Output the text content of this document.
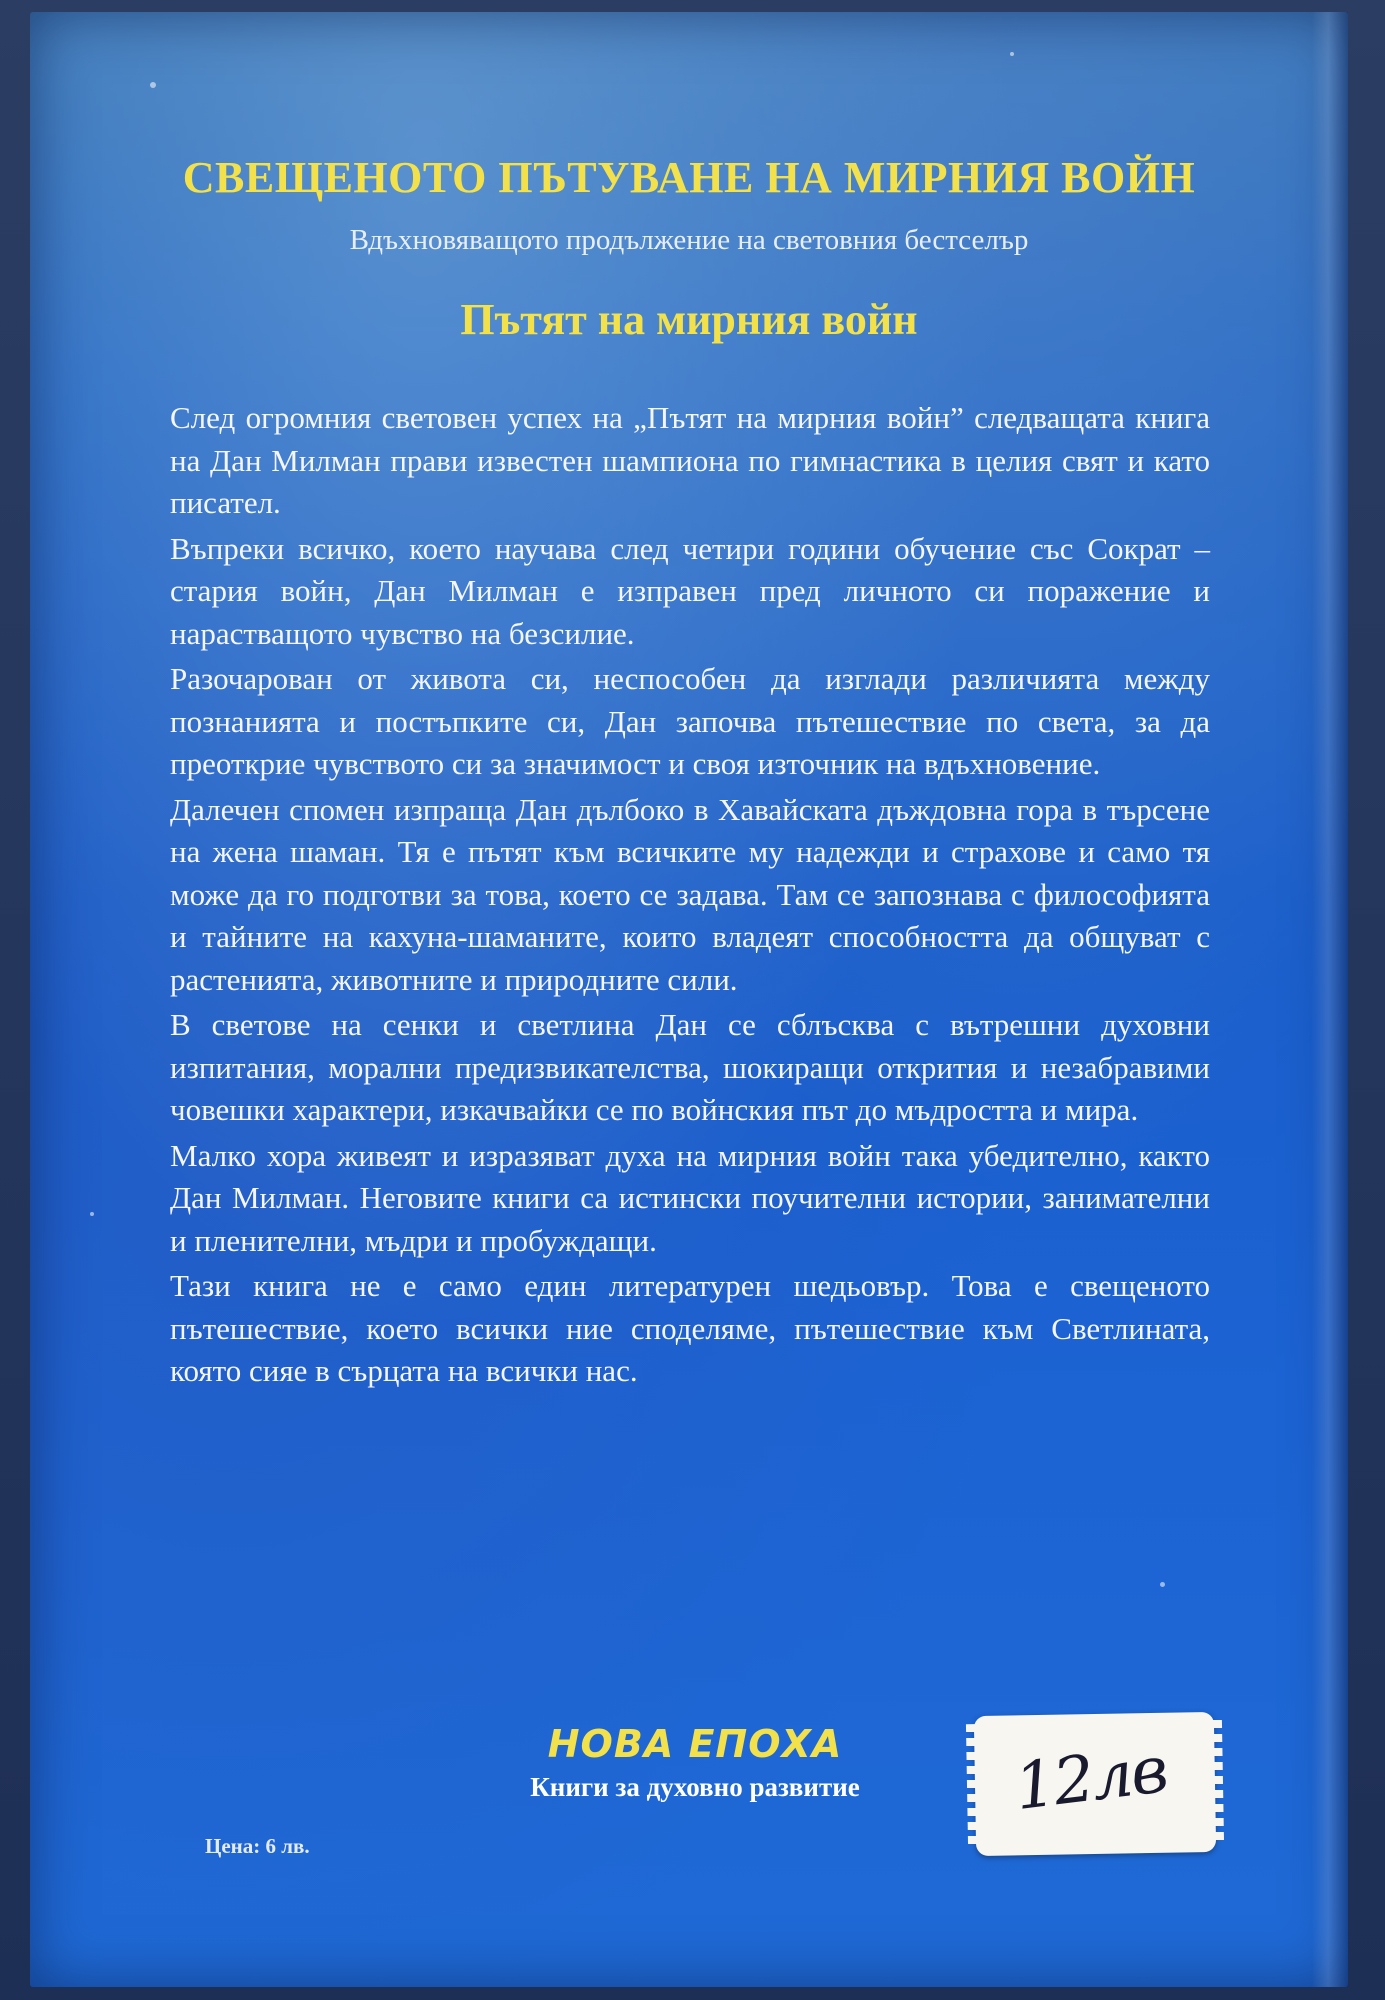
СВЕЩЕНОТО ПЪТУВАНЕ НА МИРНИЯ ВОЙН
Вдъхновяващото продължение на световния бестселър
Пътят на мирния войн

След огромния световен успех на „Пътят на мирния войн” следващата книга на Дан Милман прави известен шампиона по гимнастика в целия свят и като писател.

Въпреки всичко, което научава след четири години обучение със Сократ – стария войн, Дан Милман е изправен пред личното си поражение и нарастващото чувство на безсилие.

Разочарован от живота си, неспособен да изглади различията между познанията и постъпките си, Дан започва пътешествие по света, за да преоткрие чувството си за значимост и своя източник на вдъхновение.

Далечен спомен изпраща Дан дълбоко в Хавайската дъждовна гора в търсене на жена шаман. Тя е пътят към всичките му надежди и страхове и само тя може да го подготви за това, което се задава. Там се запознава с философията и тайните на кахуна-шаманите, които владеят способността да общуват с растенията, животните и природните сили.

В светове на сенки и светлина Дан се сблъсква с вътрешни духовни изпитания, морални предизвикателства, шокиращи открития и незабравими човешки характери, изкачвайки се по войнския път до мъдростта и мира.

Малко хора живеят и изразяват духа на мирния войн така убедително, както Дан Милман. Неговите книги са истински поучителни истории, занимателни и пленителни, мъдри и пробуждащи.

Тази книга не е само един литературен шедьовър. Това е свещеното пътешествие, което всички ние споделяме, пътешествие към Светлината, която сияе в сърцата на всички нас.

НОВА ЕПОХА
Книги за духовно развитие
Цена: 6 лв.
12лв
